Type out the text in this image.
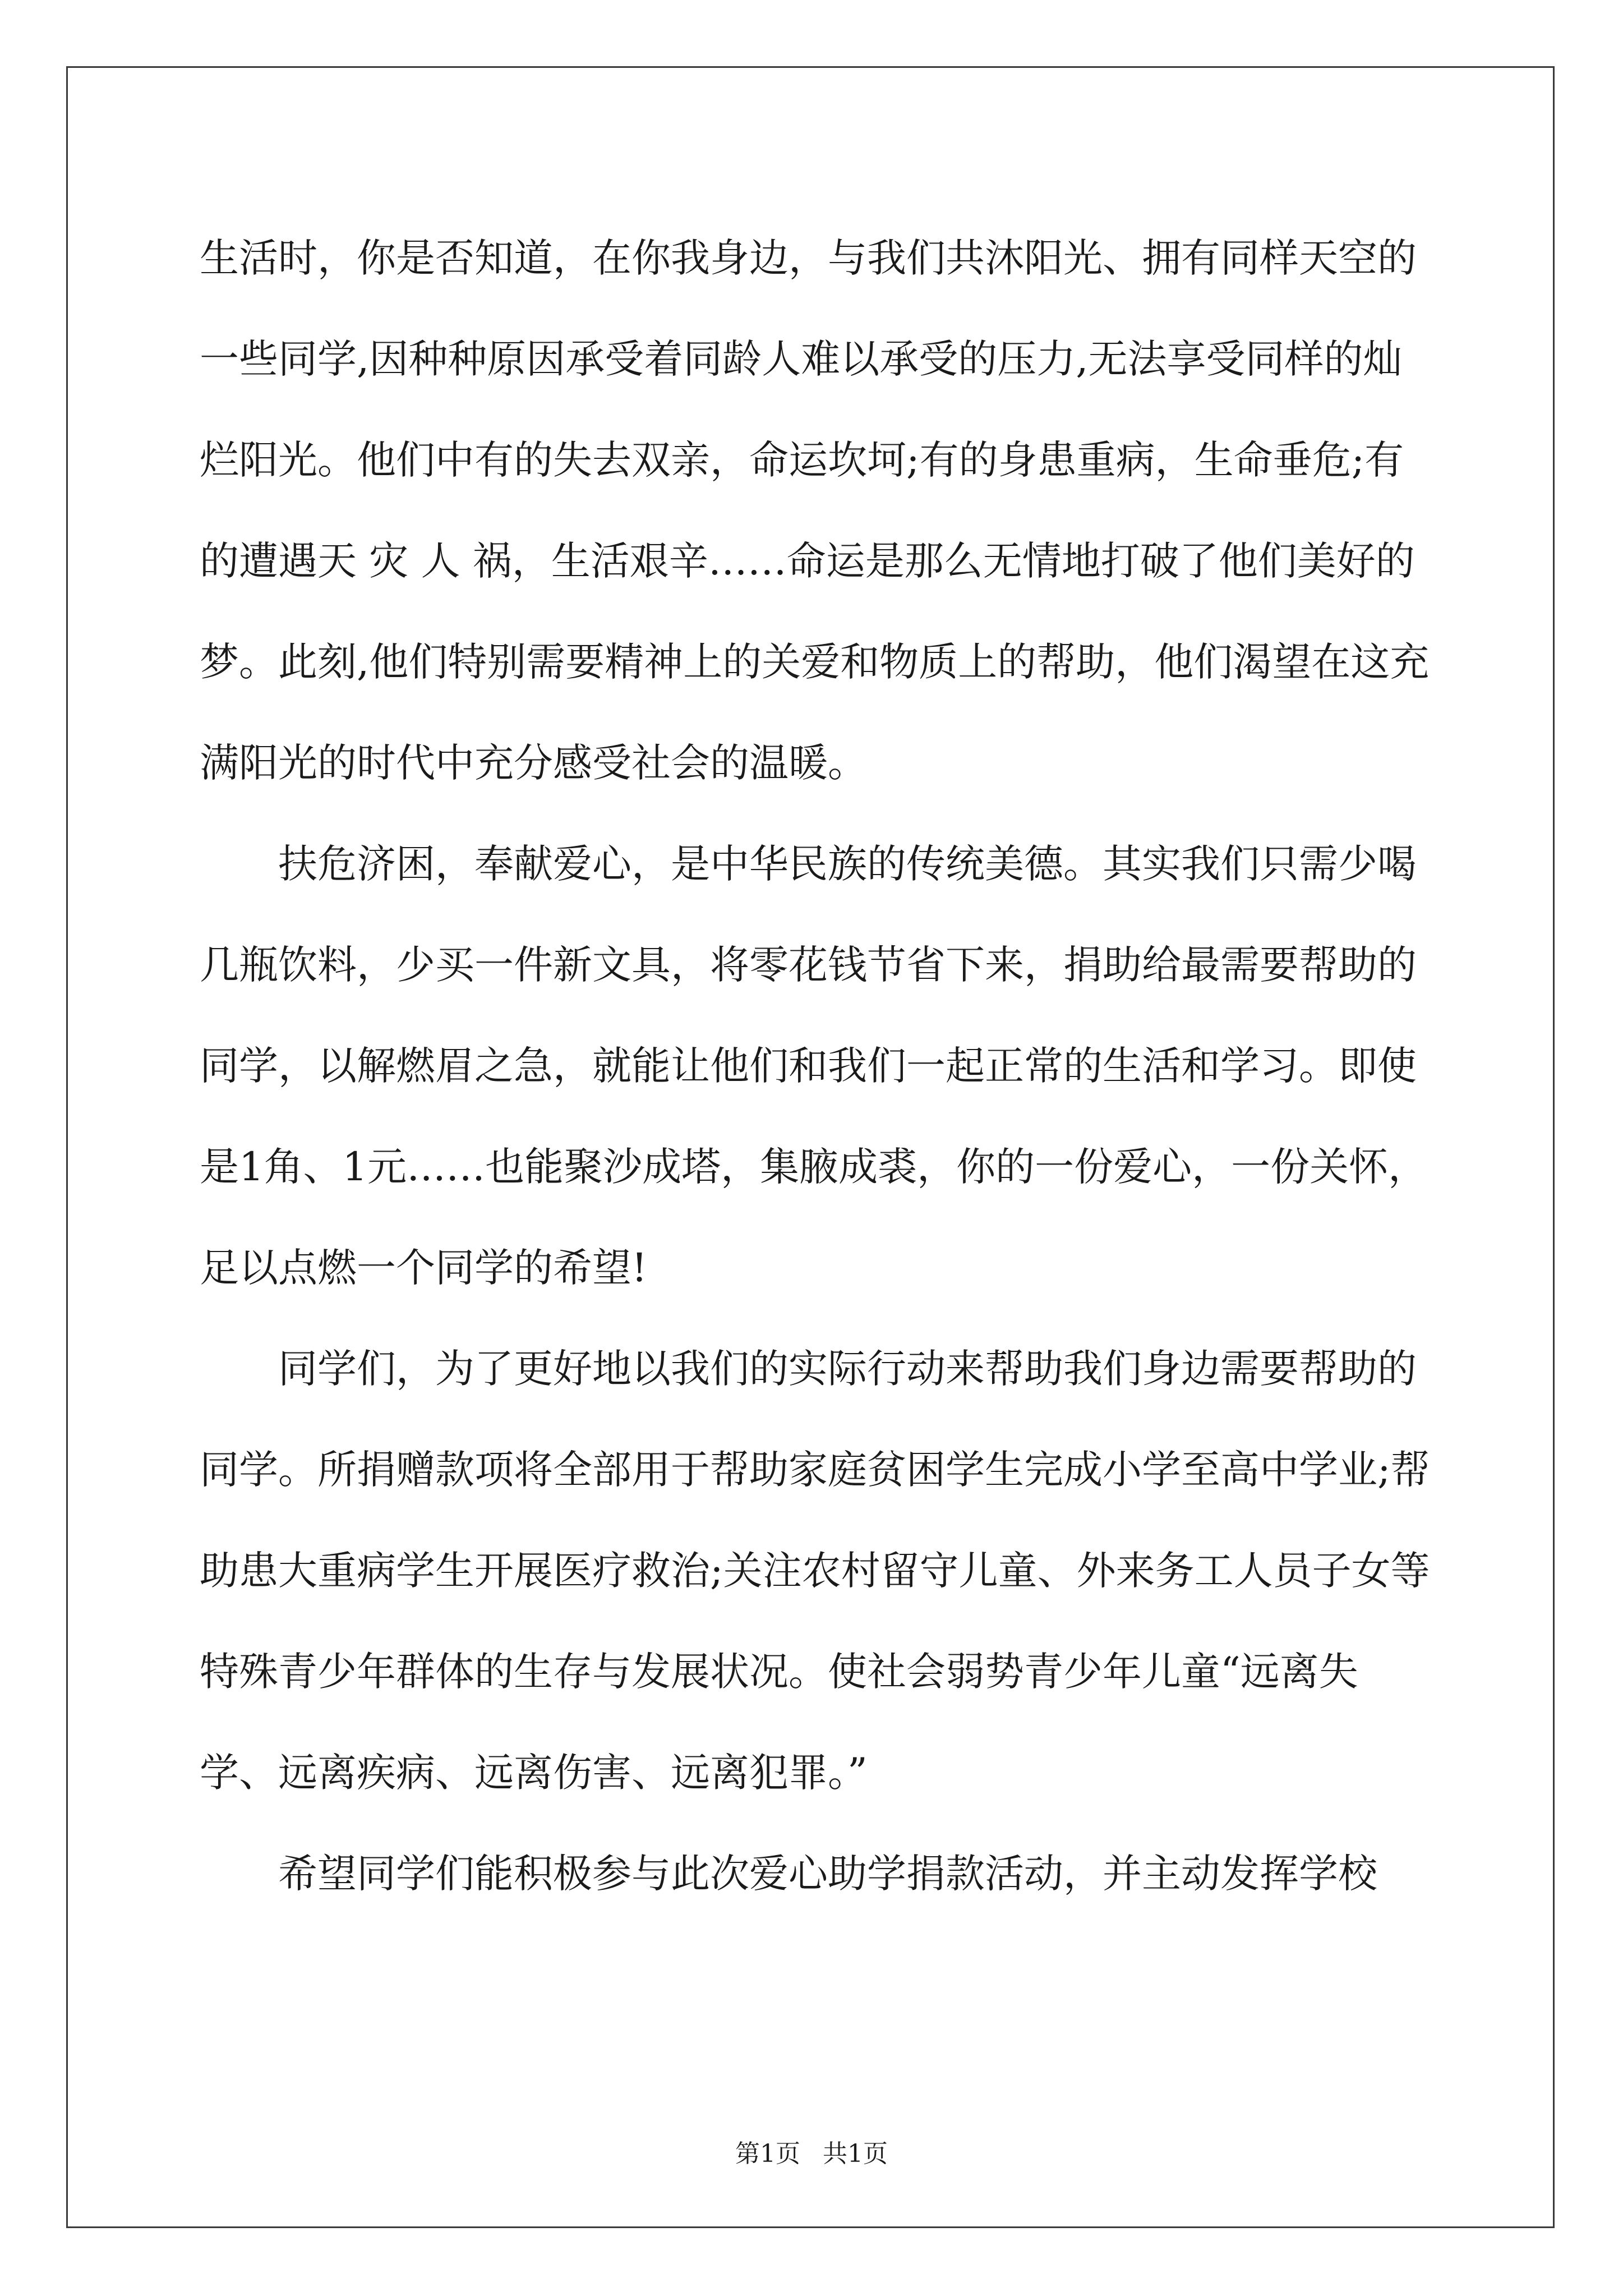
生活时，你是否知道，在你我身边，与我们共沐阳光、拥有同样天空的一些同学,因种种原因承受着同龄人难以承受的压力,无法享受同样的灿烂阳光。他们中有的失去双亲，命运坎坷;有的身患重病，生命垂危;有的遭遇天 灾 人 祸，生活艰辛……命运是那么无情地打破了他们美好的梦。此刻,他们特别需要精神上的关爱和物质上的帮助，他们渴望在这充满阳光的时代中充分感受社会的温暖。

扶危济困，奉献爱心，是中华民族的传统美德。其实我们只需少喝几瓶饮料，少买一件新文具，将零花钱节省下来，捐助给最需要帮助的同学，以解燃眉之急，就能让他们和我们一起正常的生活和学习。即使是1角、1元……也能聚沙成塔，集腋成裘，你的一份爱心，一份关怀，足以点燃一个同学的希望!

同学们，为了更好地以我们的实际行动来帮助我们身边需要帮助的同学。所捐赠款项将全部用于帮助家庭贫困学生完成小学至高中学业;帮助患大重病学生开展医疗救治;关注农村留守儿童、外来务工人员子女等特殊青少年群体的生存与发展状况。使社会弱势青少年儿童“远离失学、远离疾病、远离伤害、远离犯罪。”

希望同学们能积极参与此次爱心助学捐款活动，并主动发挥学校

第1页 共1页
